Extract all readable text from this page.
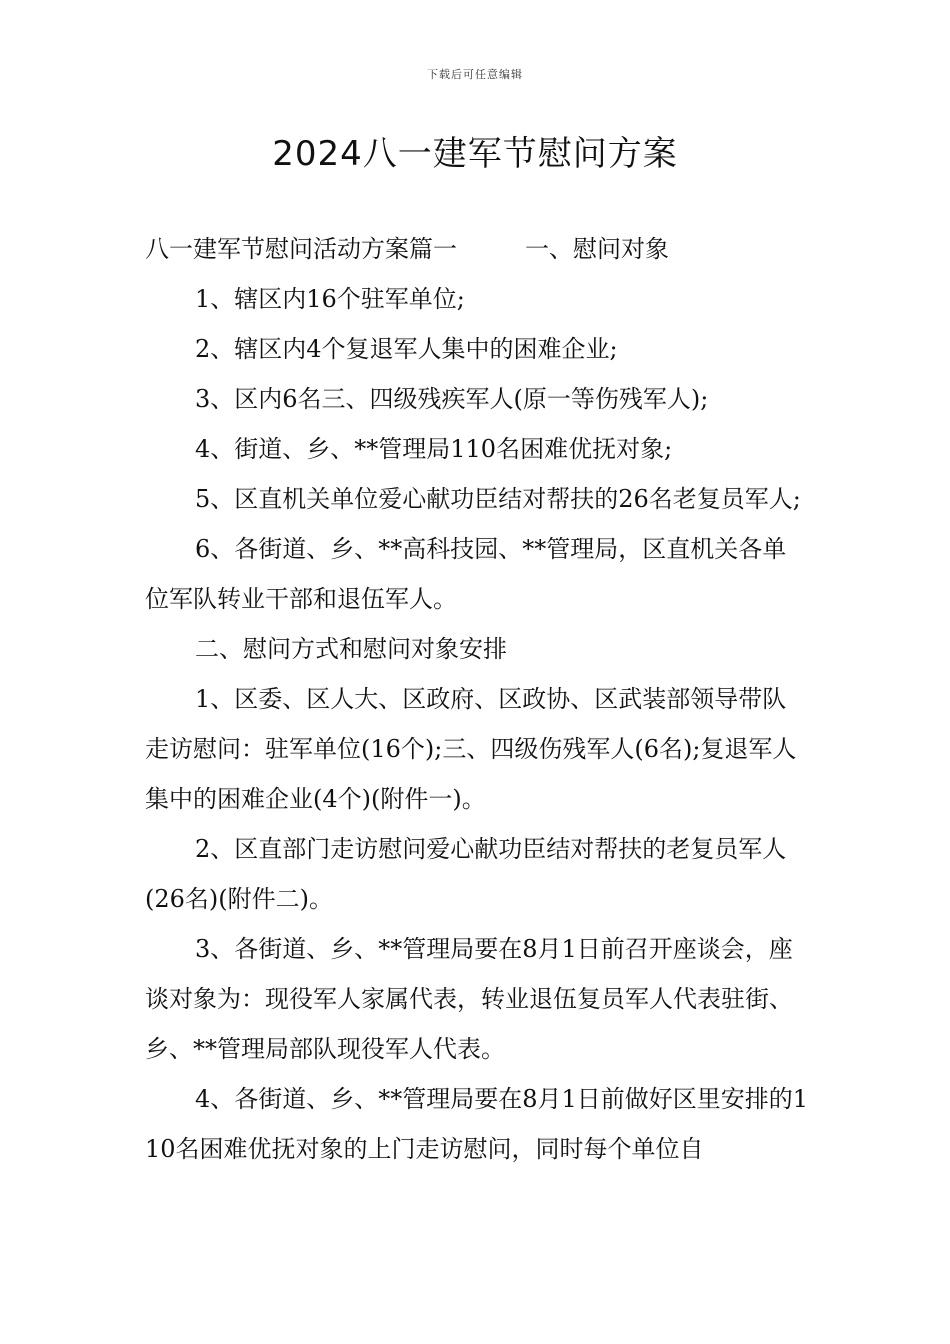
下载后可任意编辑
2024八一建军节慰问方案

八一建军节慰问活动方案篇一	一、慰问对象

1、辖区内16个驻军单位;

2、辖区内4个复退军人集中的困难企业;

3、区内6名三、四级残疾军人(原一等伤残军人);

4、街道、乡、**管理局110名困难优抚对象;

5、区直机关单位爱心献功臣结对帮扶的26名老复员军人;

6、各街道、乡、**高科技园、**管理局，区直机关各单位军队转业干部和退伍军人。

二、慰问方式和慰问对象安排

1、区委、区人大、区政府、区政协、区武装部领导带队走访慰问：驻军单位(16个);三、四级伤残军人(6名);复退军人集中的困难企业(4个)(附件一)。

2、区直部门走访慰问爱心献功臣结对帮扶的老复员军人(26名)(附件二)。

3、各街道、乡、**管理局要在8月1日前召开座谈会，座谈对象为：现役军人家属代表，转业退伍复员军人代表驻街、乡、**管理局部队现役军人代表。

4、各街道、乡、**管理局要在8月1日前做好区里安排的110名困难优抚对象的上门走访慰问，同时每个单位自
